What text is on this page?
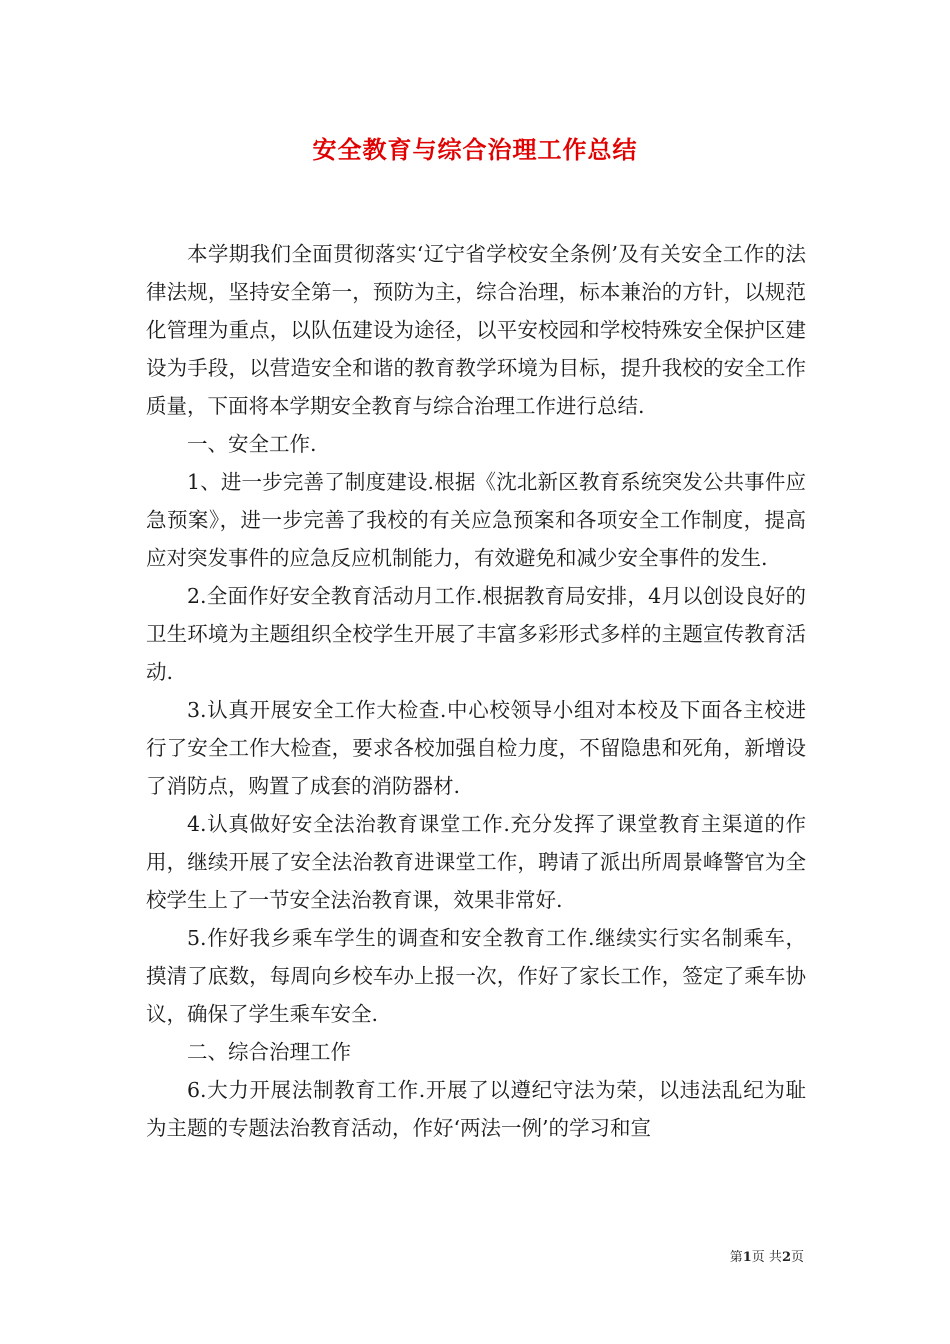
安全教育与综合治理工作总结

本学期我们全面贯彻落实‘辽宁省学校安全条例’及有关安全工作的法律法规，坚持安全第一，预防为主，综合治理，标本兼治的方针，以规范化管理为重点，以队伍建设为途径，以平安校园和学校特殊安全保护区建设为手段，以营造安全和谐的教育教学环境为目标，提升我校的安全工作质量，下面将本学期安全教育与综合治理工作进行总结.

一、安全工作.

1、进一步完善了制度建设.根据《沈北新区教育系统突发公共事件应急预案》，进一步完善了我校的有关应急预案和各项安全工作制度，提高应对突发事件的应急反应机制能力，有效避免和减少安全事件的发生.

2.全面作好安全教育活动月工作.根据教育局安排，4月以创设良好的卫生环境为主题组织全校学生开展了丰富多彩形式多样的主题宣传教育活动.

3.认真开展安全工作大检查.中心校领导小组对本校及下面各主校进行了安全工作大检查，要求各校加强自检力度，不留隐患和死角，新增设了消防点，购置了成套的消防器材.

4.认真做好安全法治教育课堂工作.充分发挥了课堂教育主渠道的作用，继续开展了安全法治教育进课堂工作，聘请了派出所周景峰警官为全校学生上了一节安全法治教育课，效果非常好.

5.作好我乡乘车学生的调查和安全教育工作.继续实行实名制乘车，摸清了底数，每周向乡校车办上报一次，作好了家长工作，签定了乘车协议，确保了学生乘车安全.

二、综合治理工作

6.大力开展法制教育工作.开展了以遵纪守法为荣，以违法乱纪为耻为主题的专题法治教育活动，作好‘两法一例’的学习和宣

第1页 共2页
